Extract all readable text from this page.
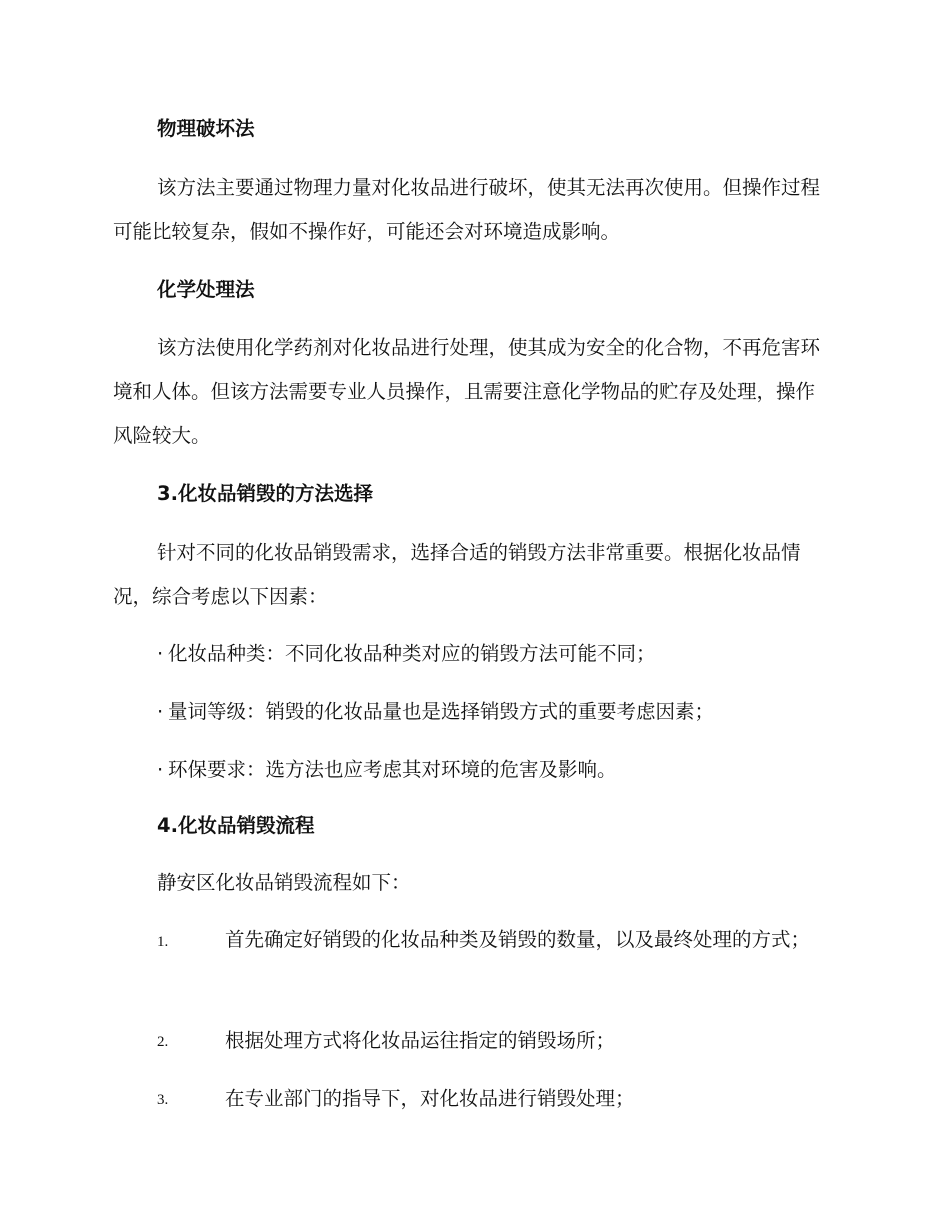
物理破坏法

该方法主要通过物理力量对化妆品进行破坏，使其无法再次使用。但操作过程可能比较复杂，假如不操作好，可能还会对环境造成影响。

化学处理法

该方法使用化学药剂对化妆品进行处理，使其成为安全的化合物，不再危害环境和人体。但该方法需要专业人员操作，且需要注意化学物品的贮存及处理，操作风险较大。

3.化妆品销毁的方法选择

针对不同的化妆品销毁需求，选择合适的销毁方法非常重要。根据化妆品情况，综合考虑以下因素：

· 化妆品种类：不同化妆品种类对应的销毁方法可能不同；
· 量词等级：销毁的化妆品量也是选择销毁方式的重要考虑因素；
· 环保要求：选方法也应考虑其对环境的危害及影响。
4.化妆品销毁流程
静安区化妆品销毁流程如下：
1.	首先确定好销毁的化妆品种类及销毁的数量，以及最终处理的方式；

2.	根据处理方式将化妆品运往指定的销毁场所；

3.	在专业部门的指导下，对化妆品进行销毁处理；
